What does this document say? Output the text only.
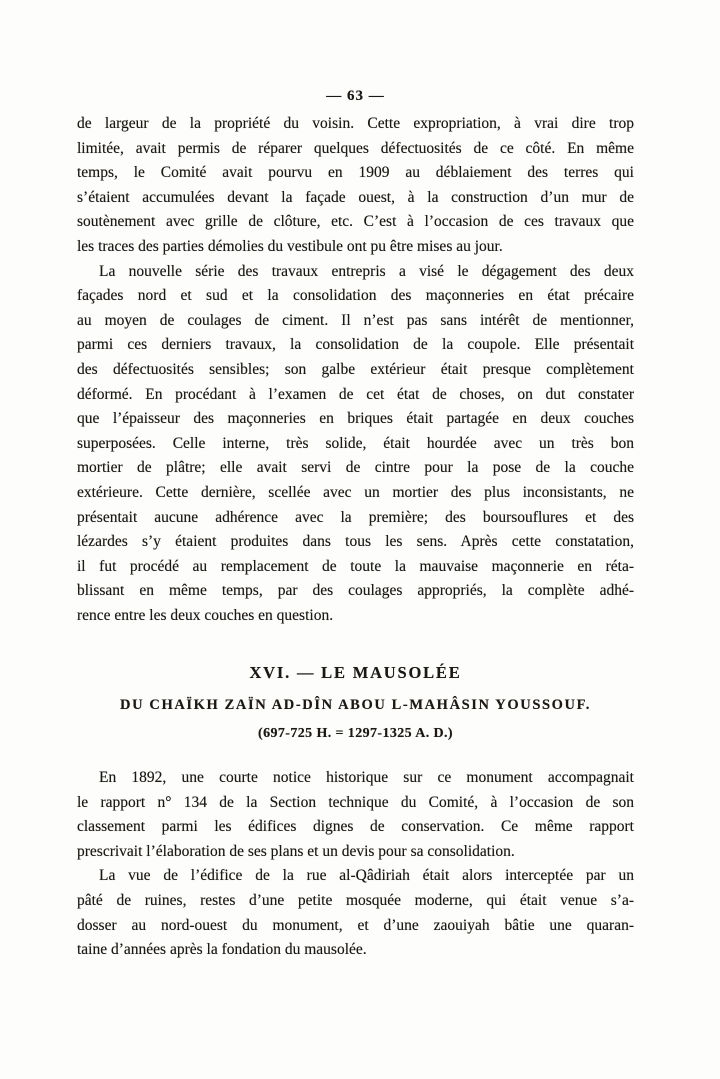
— 63 —
de largeur de la propriété du voisin. Cette expropriation, à vrai dire trop
limitée, avait permis de réparer quelques défectuosités de ce côté. En même
temps, le Comité avait pourvu en 1909 au déblaiement des terres qui
s’étaient accumulées devant la façade ouest, à la construction d’un mur de
soutènement avec grille de clôture, etc. C’est à l’occasion de ces travaux que
les traces des parties démolies du vestibule ont pu être mises au jour.
La nouvelle série des travaux entrepris a visé le dégagement des deux
façades nord et sud et la consolidation des maçonneries en état précaire
au moyen de coulages de ciment. Il n’est pas sans intérêt de mentionner,
parmi ces derniers travaux, la consolidation de la coupole. Elle présentait
des défectuosités sensibles; son galbe extérieur était presque complètement
déformé. En procédant à l’examen de cet état de choses, on dut constater
que l’épaisseur des maçonneries en briques était partagée en deux couches
superposées. Celle interne, très solide, était hourdée avec un très bon
mortier de plâtre; elle avait servi de cintre pour la pose de la couche
extérieure. Cette dernière, scellée avec un mortier des plus inconsistants, ne
présentait aucune adhérence avec la première; des boursouflures et des
lézardes s’y étaient produites dans tous les sens. Après cette constatation,
il fut procédé au remplacement de toute la mauvaise maçonnerie en réta-
blissant en même temps, par des coulages appropriés, la complète adhé-
rence entre les deux couches en question.
XVI. — LE MAUSOLÉE
DU CHAÏKH ZAÏN AD-DÎN ABOU L-MAHÂSIN YOUSSOUF.
(697-725 H. = 1297-1325 A. D.)
En 1892, une courte notice historique sur ce monument accompagnait
le rapport n° 134 de la Section technique du Comité, à l’occasion de son
classement parmi les édifices dignes de conservation. Ce même rapport
prescrivait l’élaboration de ses plans et un devis pour sa consolidation.
La vue de l’édifice de la rue al-Qâdiriah était alors interceptée par un
pâté de ruines, restes d’une petite mosquée moderne, qui était venue s’a-
dosser au nord-ouest du monument, et d’une zaouiyah bâtie une quaran-
taine d’années après la fondation du mausolée.
